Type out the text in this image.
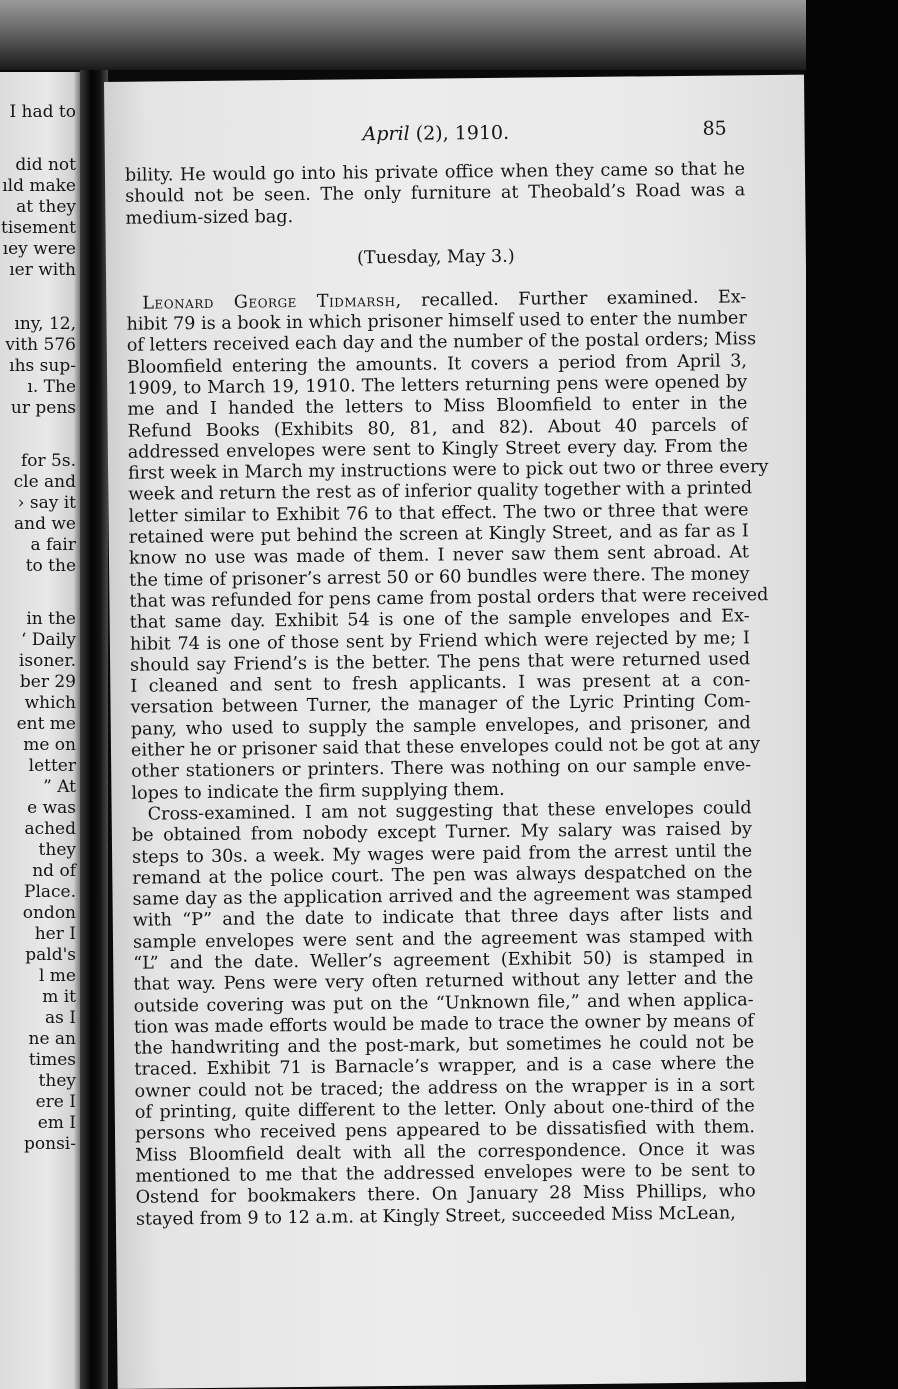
I had to
did not
ıld make
at they
tisement
ıey were
ıer with
ıny, 12,
vith 576
ıhs sup-
ı. The
ur pens
for 5s.
cle and
› say it
and we
a fair
to the
in the
‘ Daily
isoner.
ber 29
which
ent me
me on
letter
” At
e was
ached
they
nd of
Place.
ondon
her I
pald's
l me
m it
as I
ne an
times
they
ere I
em I
ponsi-
April (2), 1910.	85
bility. He would go into his private office when they came so that he
should not be seen. The only furniture at Theobald’s Road was a
medium-sized bag.
(Tuesday, May 3.)
Leonard George Tidmarsh, recalled. Further examined. Ex-
hibit 79 is a book in which prisoner himself used to enter the number
of letters received each day and the number of the postal orders; Miss
Bloomfield entering the amounts. It covers a period from April 3,
1909, to March 19, 1910. The letters returning pens were opened by
me and I handed the letters to Miss Bloomfield to enter in the
Refund Books (Exhibits 80, 81, and 82). About 40 parcels of
addressed envelopes were sent to Kingly Street every day. From the
first week in March my instructions were to pick out two or three every
week and return the rest as of inferior quality together with a printed
letter similar to Exhibit 76 to that effect. The two or three that were
retained were put behind the screen at Kingly Street, and as far as I
know no use was made of them. I never saw them sent abroad. At
the time of prisoner’s arrest 50 or 60 bundles were there. The money
that was refunded for pens came from postal orders that were received
that same day. Exhibit 54 is one of the sample envelopes and Ex-
hibit 74 is one of those sent by Friend which were rejected by me; I
should say Friend’s is the better. The pens that were returned used
I cleaned and sent to fresh applicants. I was present at a con-
versation between Turner, the manager of the Lyric Printing Com-
pany, who used to supply the sample envelopes, and prisoner, and
either he or prisoner said that these envelopes could not be got at any
other stationers or printers. There was nothing on our sample enve-
lopes to indicate the firm supplying them.
Cross-examined. I am not suggesting that these envelopes could
be obtained from nobody except Turner. My salary was raised by
steps to 30s. a week. My wages were paid from the arrest until the
remand at the police court. The pen was always despatched on the
same day as the application arrived and the agreement was stamped
with “P” and the date to indicate that three days after lists and
sample envelopes were sent and the agreement was stamped with
“L” and the date. Weller’s agreement (Exhibit 50) is stamped in
that way. Pens were very often returned without any letter and the
outside covering was put on the “Unknown file,” and when applica-
tion was made efforts would be made to trace the owner by means of
the handwriting and the post-mark, but sometimes he could not be
traced. Exhibit 71 is Barnacle’s wrapper, and is a case where the
owner could not be traced; the address on the wrapper is in a sort
of printing, quite different to the letter. Only about one-third of the
persons who received pens appeared to be dissatisfied with them.
Miss Bloomfield dealt with all the correspondence. Once it was
mentioned to me that the addressed envelopes were to be sent to
Ostend for bookmakers there. On January 28 Miss Phillips, who
stayed from 9 to 12 a.m. at Kingly Street, succeeded Miss McLean,
